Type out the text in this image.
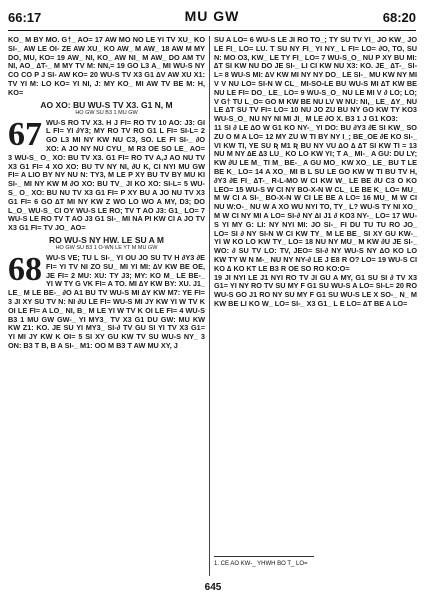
66:17	MU GW	68:20

KO_ M BY MO. G†_ AO= 17 AW MO NO LE YI TV XU_ KO SI-_ AW LE OI- ZE AW XU_ KO AW_ M AW_ 18 AW M MY DO, MU, KO= 19 AW_ NI, KO_ AW NI_ M AW_ DO AM TV NI, AO_ ∆T-_ M MY TV M: NN,= 19 GO L3 A_ MI WU-S NY CO CO P J SI- AW KO= 20 WU-S TV X3 G1 ∆V AW XU X1: TV YI M: LO KO= YI NI, J: MY KO_ MI AW TV BE M: H, KO=

AO XO: BU WU-S TV X3. G1 N, M
HO GW SU B3 1 MU GW
67 WU-S RO TV X3. H J FI= RO TV 10 AO: J3: GI L FI= YI ∂Y3; MY RO TV RO G1 L FI= SI-L= 2 GO L3 MI NY KW NU C3, SO. LE FI SI-_ ∂O XO: A JO NY NU CYU_ M R3 OE SO LE_ AO= 3 WU-S_ O_ XO: BU TV X3. G1 FI= RO TV A,J AO NU TV X3 G1 FI= 4 XO XO: BU TV NY NI, ∂U K, CI NYI MU GW FI= A LIO BY NY NU N: TY3, M LE P XY BU TV BY MU KI SI-_ MI NY KW M ∂O XO: BU TV_ JI KO XO: SI-L= 5 WU-S_ O_ XO: BU NU TV X3 G1 FI= P XY BU A JO NU TV X3 G1 FI= 6 GO ∆T MI NY KW Z WO LO WO A MY, D3; DO L_O_ WU-S_ CI OY WU-S LE RO; TV T AO J3: G1_ LO= 7 WU-S LE RO TV T AO J3 G1 SI-_ MI NA PI KW CI A JO TV X3 G1 FI= TV JO_ AO=

RO WU-S NY HW. LE SU A M
HO GW SU B3 1 O-WN LE YT M MU GW
68 WU-S VE; TU L SI-_ YI OU JO SU TV H ∂Y3 ∂E FI= YI TV NI ZO SU_ MI YI MI: ∆V KW BE OE, JE FI= 2 MU: XU: TY J3; MY: KO M_ LE BE-_ YI W TY G VK FI= A TO. MI ∆Y KW BY: XU. J1_ LE_ M LE BE-_ ∂O A1 BU TV WU-S MI ∆Y KW M7: YE FI= 3 JI XY SU TV N: NI ∂U LE FI= WU-S MI JY KW YI W TV K OI LE FI= A LO_ NI, B_ M LE YI W TV K OI LE FI= 4 WU-S B3 1 MU GW GW-_ YI MY3_ TV X3 G1 DU GW: MU KW KW Z1: KO. JE SU YI MY3_ SI-∂ TV GU SI YI TV X3 G1= YI MI JY KW K OI= 5 SI XY GU KW TV SU WU-S NY_ 3 ON: B3 T B, B A SI-_ M1: OO M B3 T AW MU XY, J

SU A LO= 6 WU-S LE JI RO TO_; TY SU TV YI_ JO KW_ JO LE FI_ LO= LU. T SU NY FI_ YI NY_ L FI= LO= ∂O, TO, SU N: MO O3, KW_ LE TY FI_ LO= 7 WU-S_O_ NU P XY BU MI: ∆T SI KW NU DO JE SI-_ LI CI KW NU X3: KO. JE_ ∆T-_ SI-L= 8 WU-S MI: ∆V KW MI NY NY DO_ LE SI-_ MU KW NY MI V V NU LO= SI-N W CL_ MI-SO-LE BU WU-S MI ∆T KW BE NU LE FI= DO_ LE_ LO= 9 WU-S_O_ NU LE MI V ∂ LO; LO; V G† TU L_O= GO M KW BE NU LV W NU: NI,_ LE_ ∆Y_ NU LE ∆T SU TV FI= LO= 10 NU JO ZU BU NY GO KW TY KO3 WU-S_O_ NU NY NI MI JI_ M LE ∂O X. B3 1 J G1 KO3:

11 SI ∂ LE ∆O W G1 KO NY-_ YI DO: BU ∂Y3 ∂E SI KW_ SO ZU O M A LO= 12 MY ZU W TI BY NY I_; BE_OE ∂E KO SI-_ VI KW TI, YE SU Ʀ M1 Ʀ BU NY VU ∆O ∆ ∆T SI KW TI = 13 NU M NY ∆E ∆3 LU_ KO LO KW YI; T A_ MI-_ A GU: DU LY; KW ∂U LE M_ TI M_ BE-_ A GU MO_ KW XO_ LE_ BU T LE BE K_ LO= 14 A XO_ MI B L SU LE GO KW W TI BU TV H, ∂Y3 ∂E FI_ ∆T-_ R-L-MO W CI KW W_ LE BE ∂U C3 O KO LEO= 15 WU-S W CI NY BO-X-N W CL_ LE BE K_ LO= MU_ M W CI A SI-_ BO-X-N W CI LE BE A LO= 16 MU_ M W CI NU W:O-_ NU W A XO WU NYI TO, TY_ L? WU-S TY NI XO_ M W CI NY MI A LO= SI-∂ NY ∆I J1 ∂ KO3 NY-_ LO= 17 WU-S YI MY G: LI: NY NYI MI: JO SI-_ FI DU TU TU RO JO_ LO= SI ∂ NY SI-N W CI KW TY_ M LE BE_ SI XY GU KW-_ YI W KO LO KW TY_ LO= 18 NU NY MU_ M KW ∂U JE SI-_ WO: ∂ SU TV LO: TV, JEO= SI-∂ NY WU-S NY ∆O KO LO KW TY W N M-_ NU NY NY-∂ LE J E8 R O? LO= 19 WU-S CI KO ∆ KO KT LE B3 R OE SO RO KO:O=

19 JI NYI LE J1 NYI RO TV JI GU A MY, G1 SU SI ∂ TV X3 G1= YI NY RO TV SU MY F G1 SU WU-S A LO= SI-L= 20 RO WU-S GO J1 RO NY SU MY F G1 SU WU-S LE X SO-_ N_ M KW BE LI KO W_ LO= SI-_ X3 G1_ L E LO= ∆T BE A LO=

1. CE AO KW-_ YHWH BO T_ LO=
645
